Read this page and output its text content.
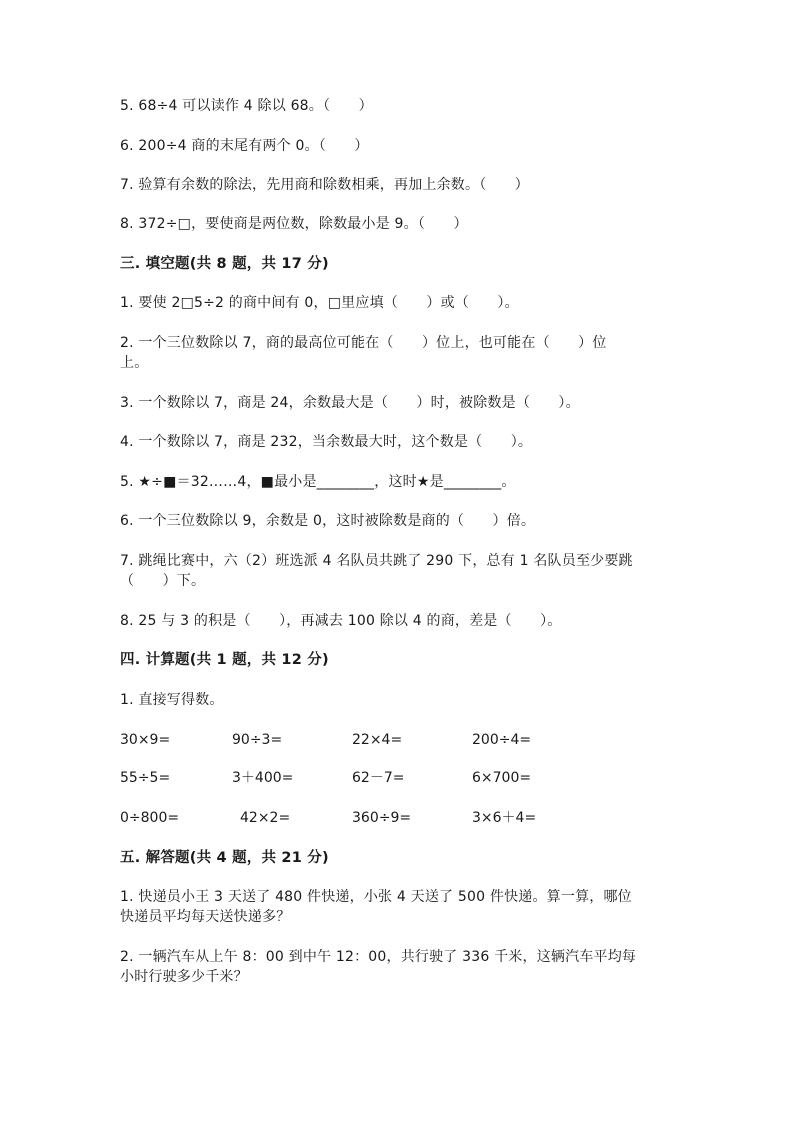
5. 68÷4 可以读作 4 除以 68。（　　）
6. 200÷4 商的末尾有两个 0。（　　）
7. 验算有余数的除法，先用商和除数相乘，再加上余数。（　　）
8. 372÷□，要使商是两位数，除数最小是 9。（　　）
三. 填空题(共 8 题，共 17 分)
1. 要使 2□5÷2 的商中间有 0，□里应填（　　）或（　　）。
2. 一个三位数除以 7，商的最高位可能在（　　）位上，也可能在（　　）位
上。
3. 一个数除以 7，商是 24，余数最大是（　　）时，被除数是（　　）。
4. 一个数除以 7，商是 232，当余数最大时，这个数是（　　）。
5. ★÷■＝32……4，■最小是________，这时★是________。
6. 一个三位数除以 9，余数是 0，这时被除数是商的（　　）倍。
7. 跳绳比赛中，六（2）班选派 4 名队员共跳了 290 下，总有 1 名队员至少要跳
（　　）下。
8. 25 与 3 的积是（　　），再减去 100 除以 4 的商，差是（　　）。
四. 计算题(共 1 题，共 12 分)
1. 直接写得数。
30×9=	90÷3=	22×4=	200÷4=
55÷5=	3＋400=	62－7=	6×700=
0÷800=	42×2=	360÷9=	3×6＋4=
五. 解答题(共 4 题，共 21 分)
1. 快递员小王 3 天送了 480 件快递，小张 4 天送了 500 件快递。算一算，哪位
快递员平均每天送快递多？
2. 一辆汽车从上午 8：00 到中午 12：00，共行驶了 336 千米，这辆汽车平均每
小时行驶多少千米？
